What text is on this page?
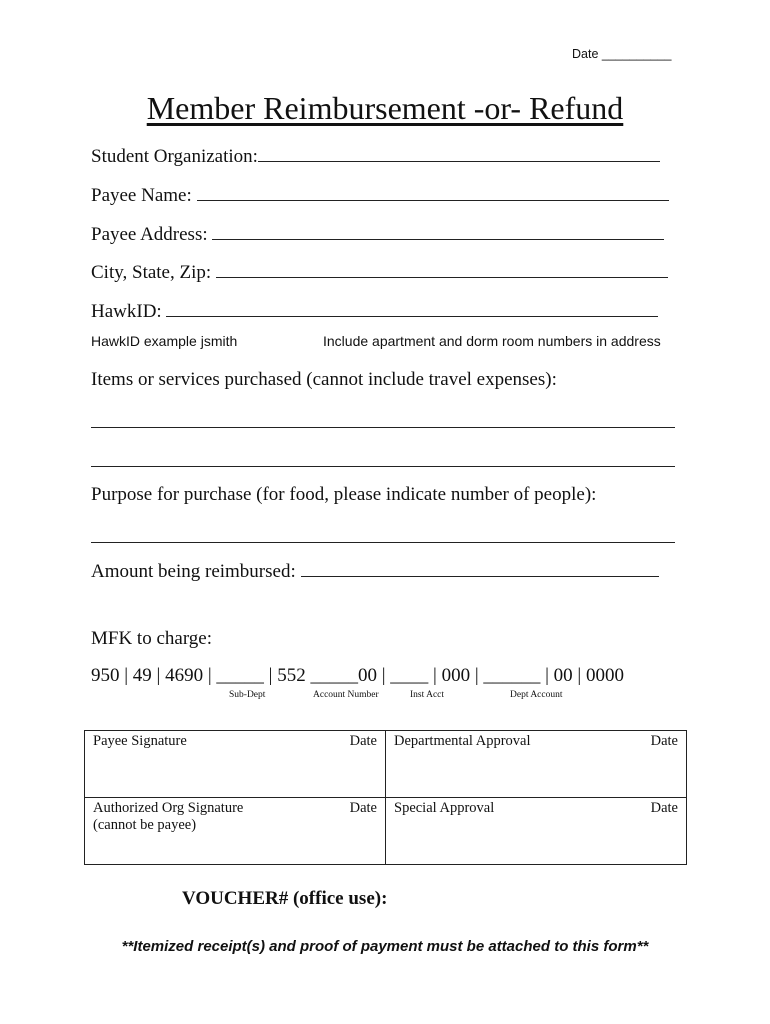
Date __________
Member Reimbursement -or- Refund
Student Organization:
Payee Name:
Payee Address:
City, State, Zip:
HawkID:
HawkID example jsmith	Include apartment and dorm room numbers in address
Items or services purchased (cannot include travel expenses):
Purpose for purchase (for food, please indicate number of people):
Amount being reimbursed:
MFK to charge:
950 | 49 | 4690 | _____ | 552 _____00 | ____ | 000 | ______ | 00 | 0000
Sub-Dept	Account Number	Inst Acct	Dept Account
Payee Signature Date	Departmental Approval Date

Authorized Org Signature
(cannot be payee)
Date	Special Approval Date
VOUCHER# (office use):
**Itemized receipt(s) and proof of payment must be attached to this form**
